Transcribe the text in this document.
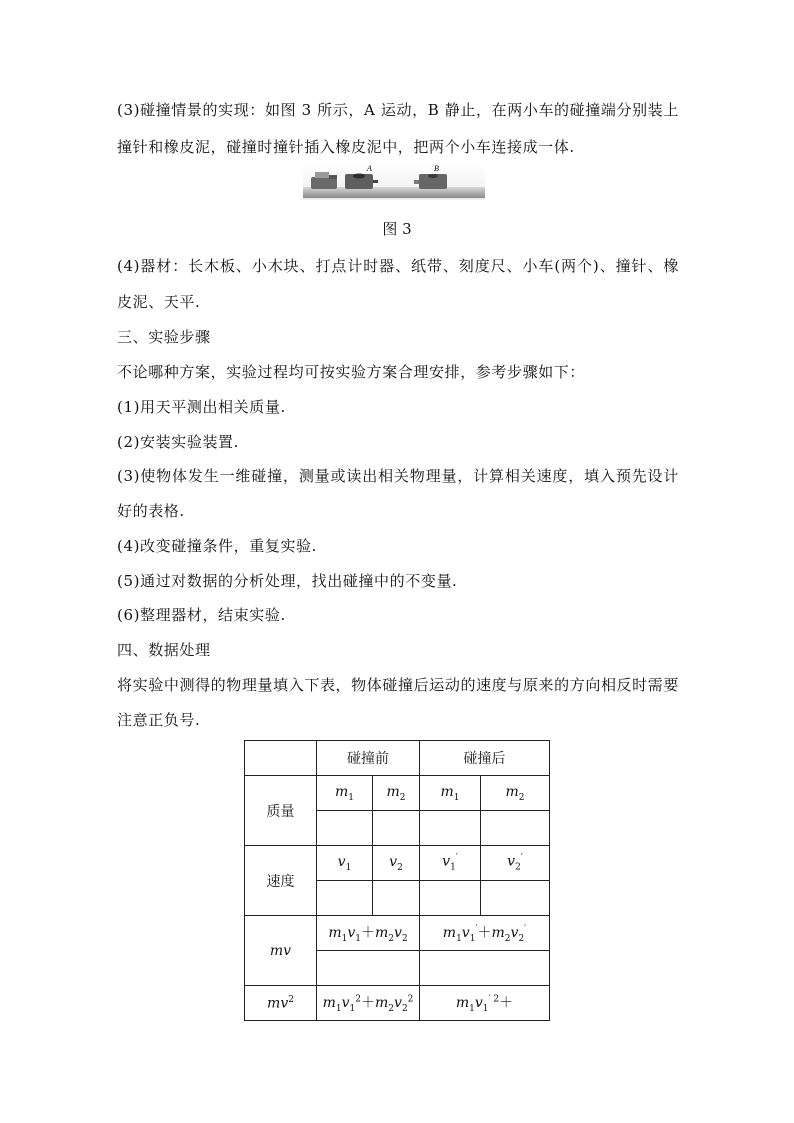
(3)碰撞情景的实现：如图 3 所示，A 运动，B 静止，在两小车的碰撞端分别装上
撞针和橡皮泥，碰撞时撞针插入橡皮泥中，把两个小车连接成一体.
A	B
图 3
(4)器材：长木板、小木块、打点计时器、纸带、刻度尺、小车(两个)、撞针、橡
皮泥、天平.
三、实验步骤
不论哪种方案，实验过程均可按实验方案合理安排，参考步骤如下：
(1)用天平测出相关质量.
(2)安装实验装置.
(3)使物体发生一维碰撞，测量或读出相关物理量，计算相关速度，填入预先设计
好的表格.
(4)改变碰撞条件，重复实验.
(5)通过对数据的分析处理，找出碰撞中的不变量.
(6)整理器材，结束实验.
四、数据处理
将实验中测得的物理量填入下表，物体碰撞后运动的速度与原来的方向相反时需要
注意正负号.
	碰撞前		碰撞后	
质量	$m_1$	$m_2$	$m_1$	$m_2$

速度	$v_1$	$v_2$	$v_1'$	$v_2'$

mv	$m_1v_1+m_2v_2$		$m_1v_1'+m_2v_2'$

$mv^2$	$m_1v_1^2+m_2v_2^2$		$m_1v_1^{' 2}+$	
